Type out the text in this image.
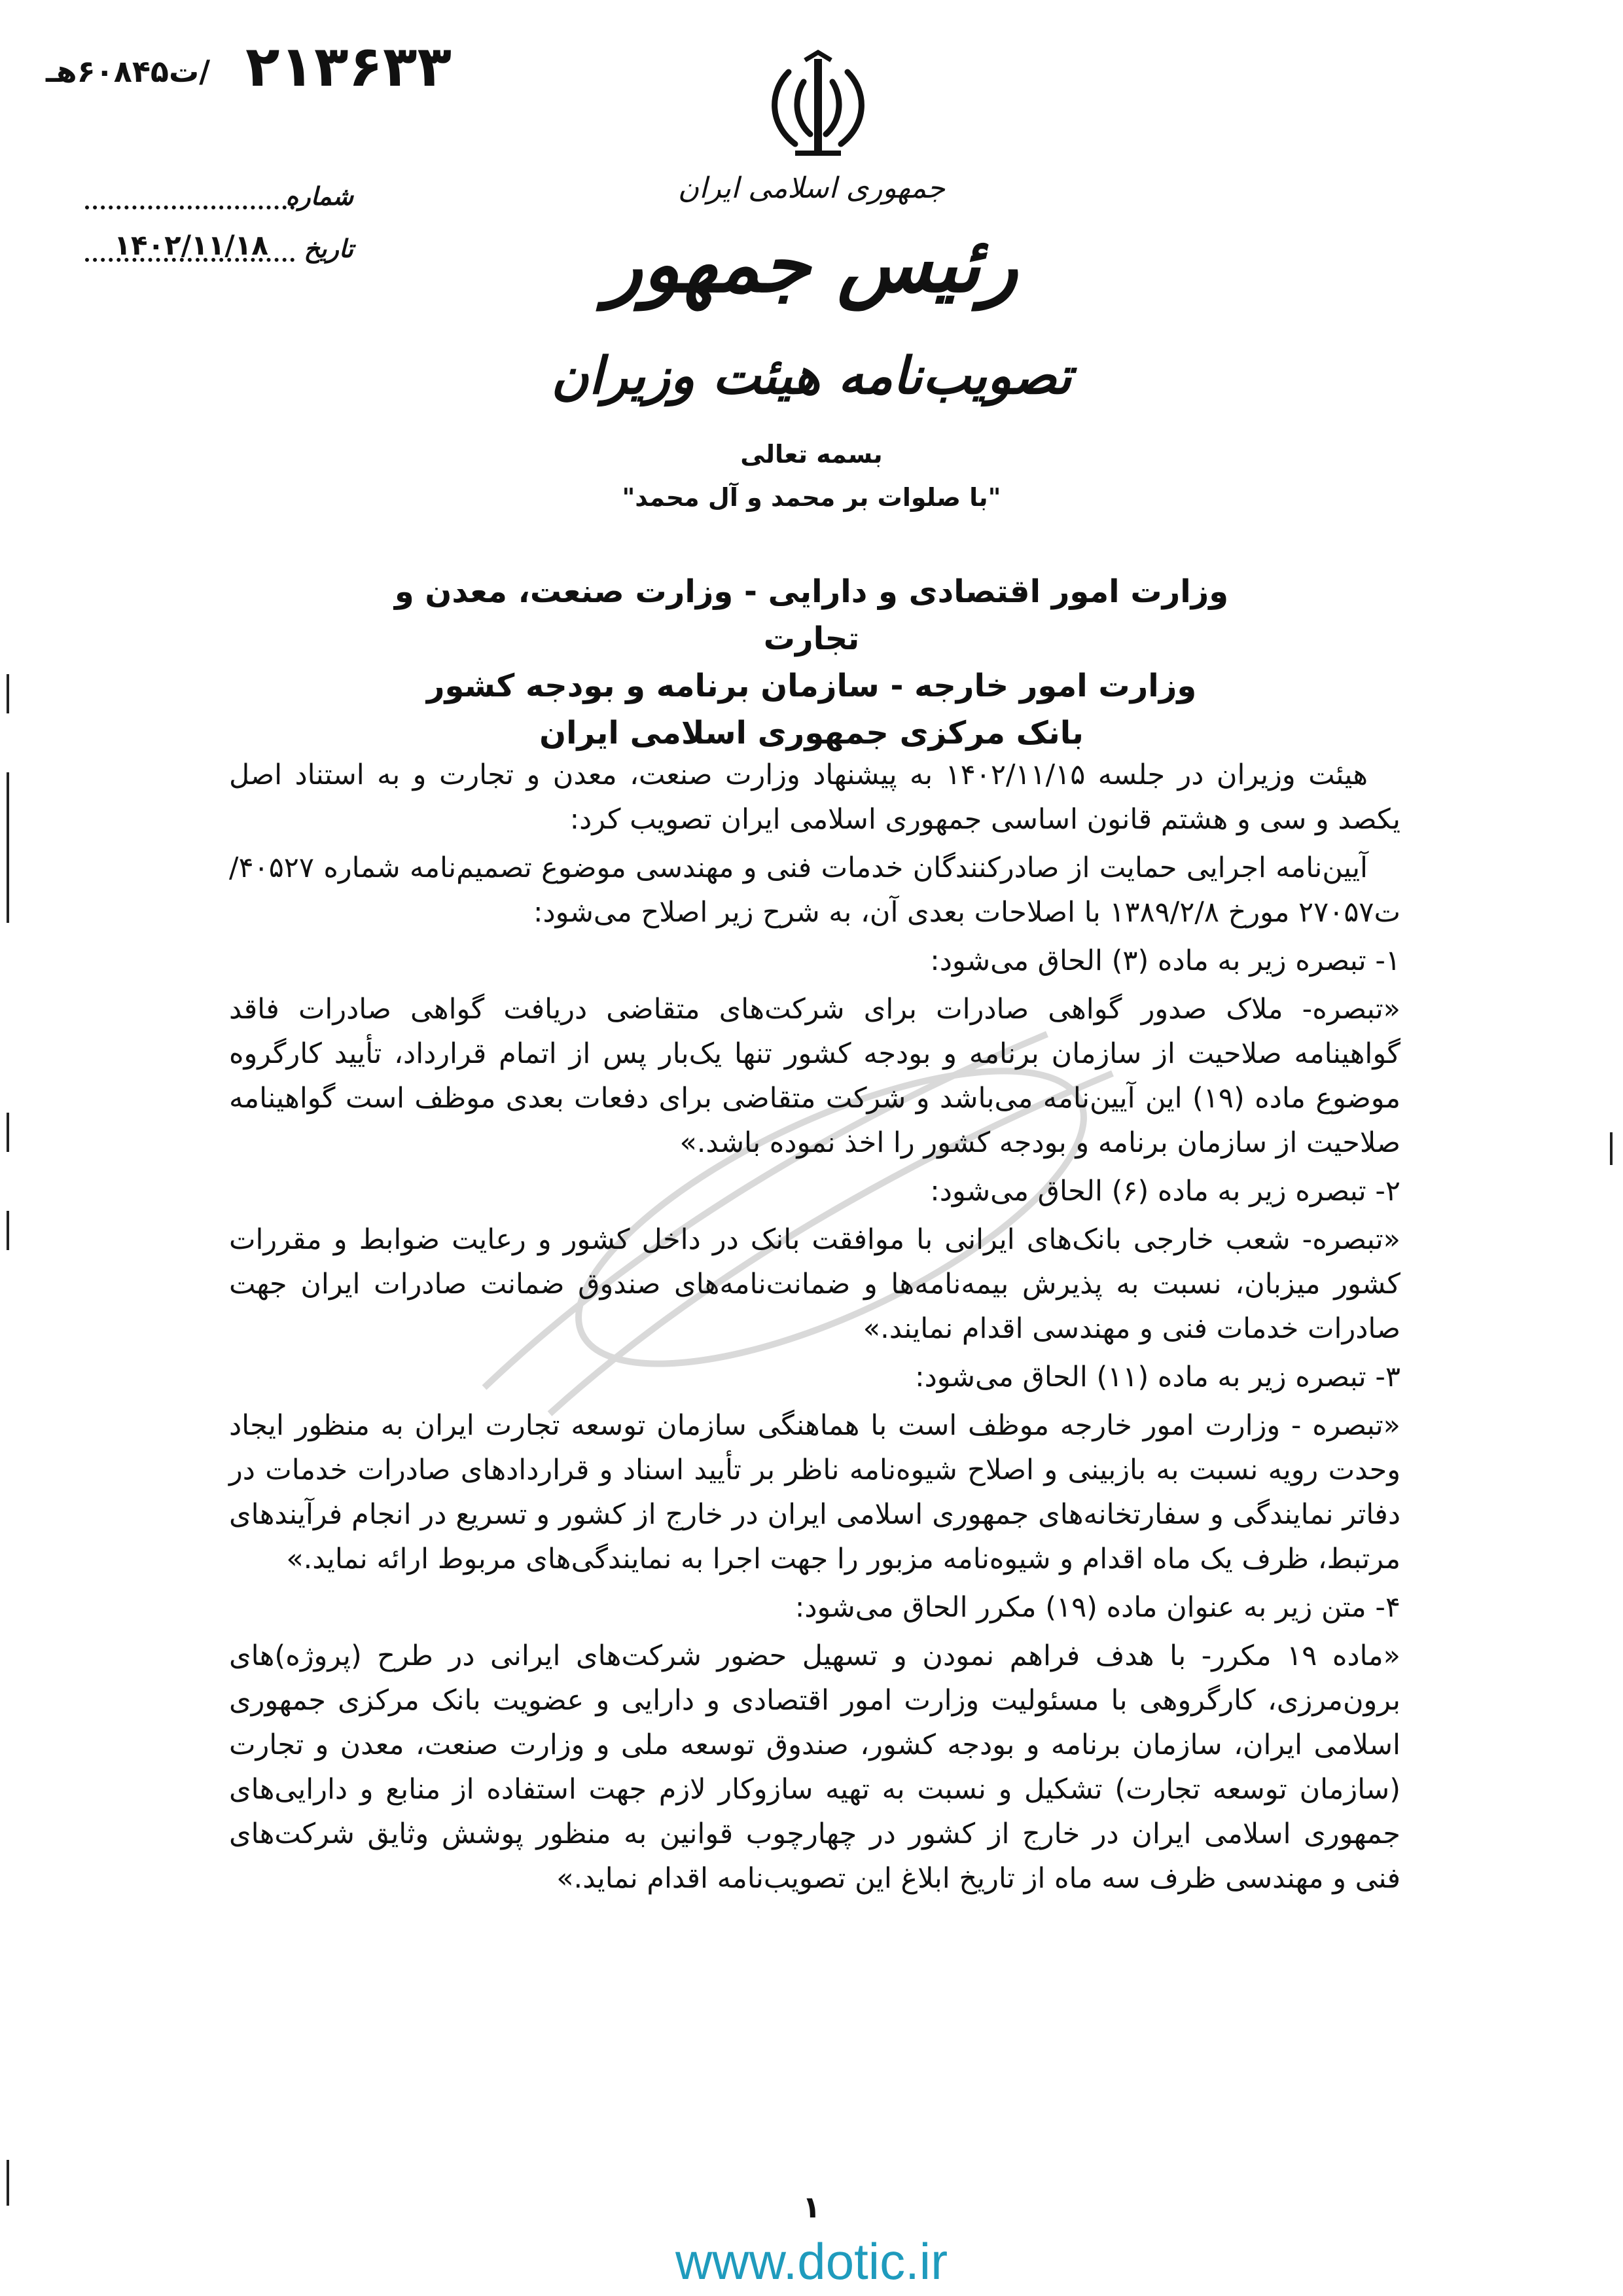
۲۱۳۶۳۳
/ت۶۰۸۴۵هـ
شماره
تاریخ
۱۴۰۲/۱۱/۱۸
جمهوری اسلامی ایران
رئیس جمهور
تصویب‌نامه هیئت وزیران
بسمه تعالی
"با صلوات بر محمد و آل محمد"
وزارت امور اقتصادی و دارایی - وزارت صنعت، معدن و تجارت
وزارت امور خارجه - سازمان برنامه و بودجه کشور
بانک مرکزی جمهوری اسلامی ایران

هیئت وزیران در جلسه ۱۴۰۲/۱۱/۱۵ به پیشنهاد وزارت صنعت، معدن و تجارت و به استناد اصل یکصد و سی و هشتم قانون اساسی جمهوری اسلامی ایران تصویب کرد:

آیین‌نامه اجرایی حمایت از صادرکنندگان خدمات فنی و مهندسی موضوع تصمیم‌نامه شماره ۴۰۵۲۷/ت۲۷۰۵۷ مورخ ۱۳۸۹/۲/۸ با اصلاحات بعدی آن، به شرح زیر اصلاح می‌شود:

۱- تبصره زیر به ماده (۳) الحاق می‌شود:

«تبصره- ملاک صدور گواهی صادرات برای شرکت‌های متقاضی دریافت گواهی صادرات فاقد گواهینامه صلاحیت از سازمان برنامه و بودجه کشور تنها یک‌بار پس از اتمام قرارداد، تأیید کارگروه موضوع ماده (۱۹) این آیین‌نامه می‌باشد و شرکت متقاضی برای دفعات بعدی موظف است گواهینامه صلاحیت از سازمان برنامه و بودجه کشور را اخذ نموده باشد.»

۲- تبصره زیر به ماده (۶) الحاق می‌شود:

«تبصره- شعب خارجی بانک‌های ایرانی با موافقت بانک در داخل کشور و رعایت ضوابط و مقررات کشور میزبان، نسبت به پذیرش بیمه‌نامه‌ها و ضمانت‌نامه‌های صندوق ضمانت صادرات ایران جهت صادرات خدمات فنی و مهندسی اقدام نمایند.»

۳- تبصره زیر به ماده (۱۱) الحاق می‌شود:

«تبصره - وزارت امور خارجه موظف است با هماهنگی سازمان توسعه تجارت ایران به منظور ایجاد وحدت رویه نسبت به بازبینی و اصلاح شیوه‌نامه ناظر بر تأیید اسناد و قراردادهای صادرات خدمات در دفاتر نمایندگی و سفارتخانه‌های جمهوری اسلامی ایران در خارج از کشور و تسریع در انجام فرآیندهای مرتبط، ظرف یک ماه اقدام و شیوه‌نامه مزبور را جهت اجرا به نمایندگی‌های مربوط ارائه نماید.»

۴- متن زیر به عنوان ماده (۱۹) مکرر الحاق می‌شود:

«ماده ۱۹ مکرر- با هدف فراهم نمودن و تسهیل حضور شرکت‌های ایرانی در طرح (پروژه)های برون‌مرزی، کارگروهی با مسئولیت وزارت امور اقتصادی و دارایی و عضویت بانک مرکزی جمهوری اسلامی ایران، سازمان برنامه و بودجه کشور، صندوق توسعه ملی و وزارت صنعت، معدن و تجارت (سازمان توسعه تجارت) تشکیل و نسبت به تهیه سازوکار لازم جهت استفاده از منابع و دارایی‌های جمهوری اسلامی ایران در خارج از کشور در چهارچوب قوانین به منظور پوشش وثایق شرکت‌های فنی و مهندسی ظرف سه ماه از تاریخ ابلاغ این تصویب‌نامه اقدام نماید.»

۱
www.dotic.ir
